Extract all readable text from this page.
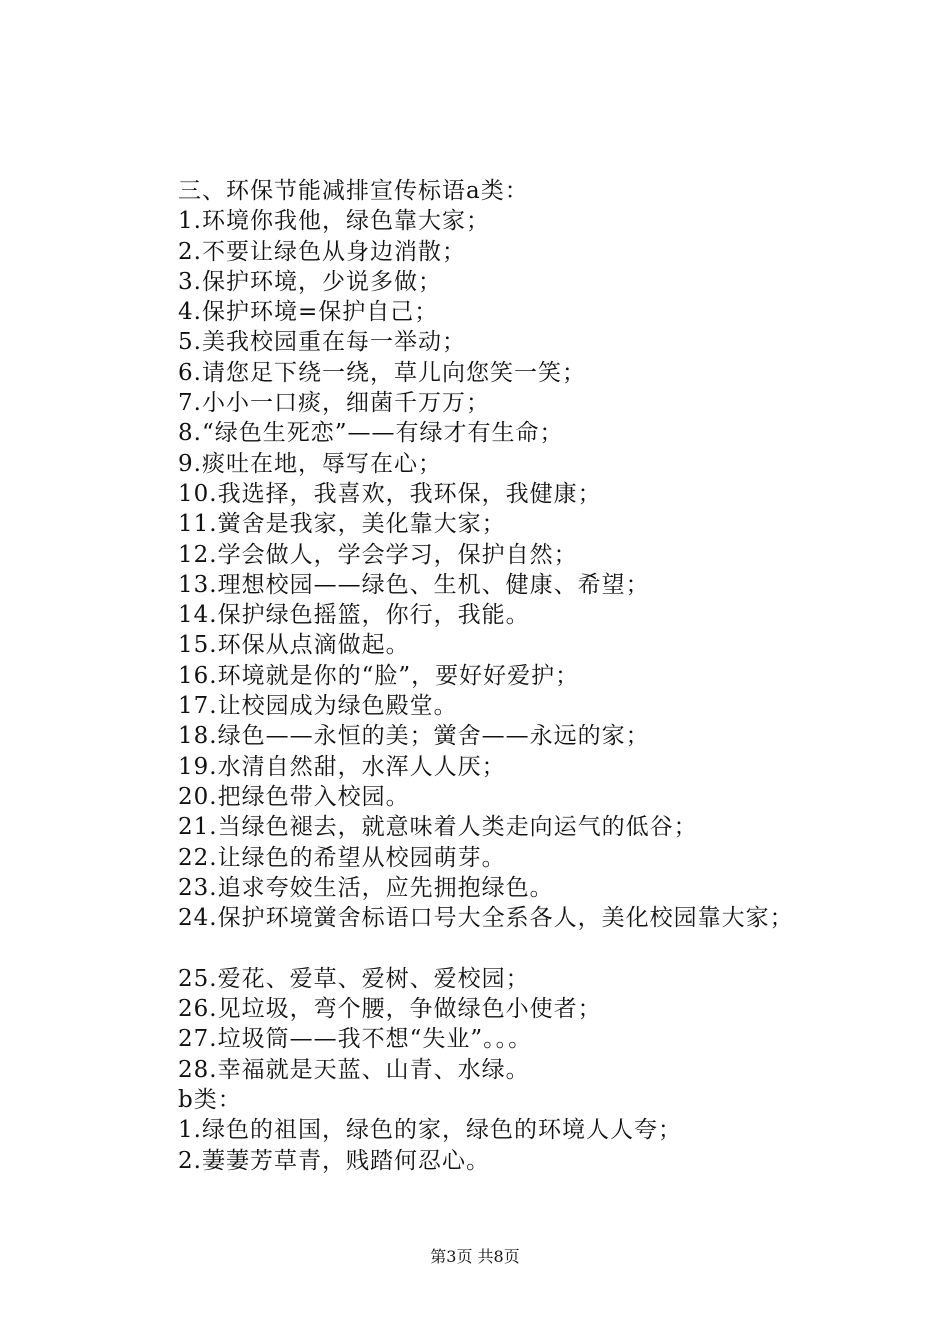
三、环保节能减排宣传标语a类：
1.环境你我他，绿色靠大家；
2.不要让绿色从身边消散；
3.保护环境，少说多做；
4.保护环境=保护自己；
5.美我校园重在每一举动；
6.请您足下绕一绕，草儿向您笑一笑；
7.小小一口痰，细菌千万万；
8.“绿色生死恋”——有绿才有生命；
9.痰吐在地，辱写在心；
10.我选择，我喜欢，我环保，我健康；
11.黉舍是我家，美化靠大家；
12.学会做人，学会学习，保护自然；
13.理想校园——绿色、生机、健康、希望；
14.保护绿色摇篮，你行，我能。
15.环保从点滴做起。
16.环境就是你的“脸”，要好好爱护；
17.让校园成为绿色殿堂。
18.绿色——永恒的美；黉舍——永远的家；
19.水清自然甜，水浑人人厌；
20.把绿色带入校园。
21.当绿色褪去，就意味着人类走向运气的低谷；
22.让绿色的希望从校园萌芽。
23.追求夸姣生活，应先拥抱绿色。
24.保护环境黉舍标语口号大全系各人，美化校园靠大家；
25.爱花、爱草、爱树、爱校园；
26.见垃圾，弯个腰，争做绿色小使者；
27.垃圾筒——我不想“失业”。。。
28.幸福就是天蓝、山青、水绿。
b类：
1.绿色的祖国，绿色的家，绿色的环境人人夸；
2.萋萋芳草青，贱踏何忍心。
第3页 共8页
